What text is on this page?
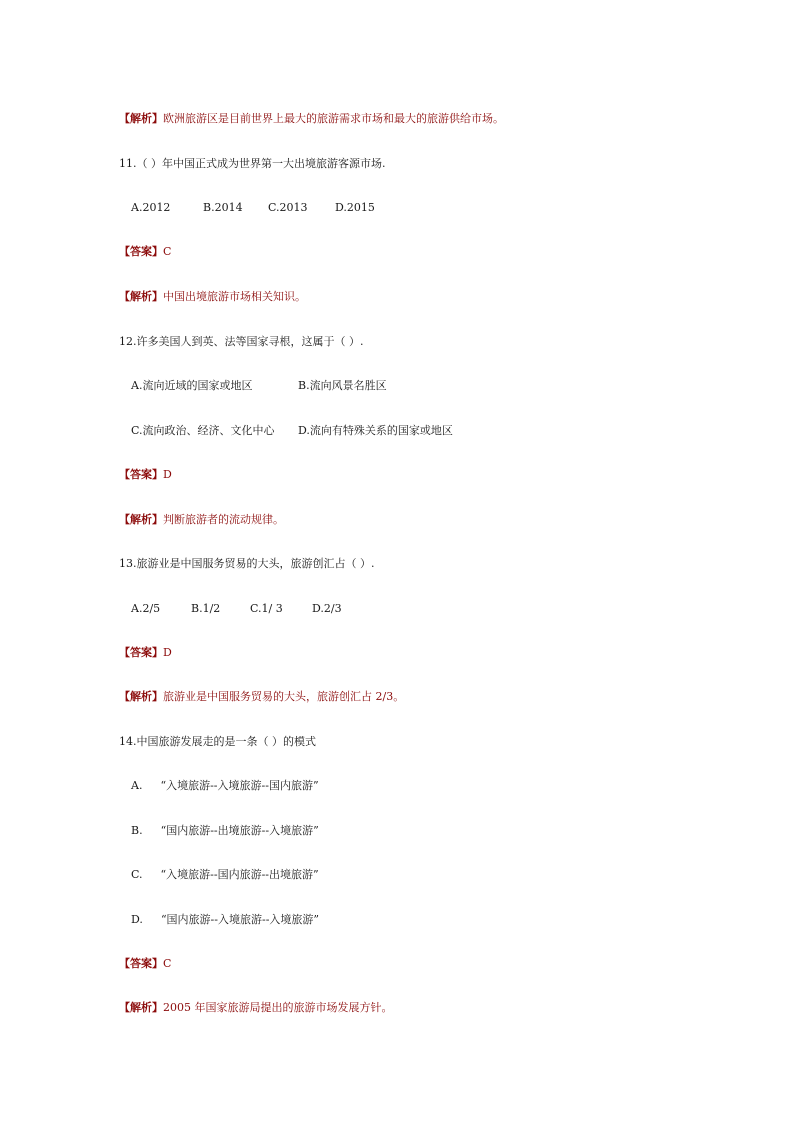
【解析】欧洲旅游区是目前世界上最大的旅游需求市场和最大的旅游供给市场。
11.（ ）年中国正式成为世界第一大出境旅游客源市场.
A.2012	B.2014 C.2013 D.2015
【答案】C
【解析】中国出境旅游市场相关知识。
12.许多美国人到英、法等国家寻根，这属于（ ）.
A.流向近域的国家或地区	B.流向风景名胜区
C.流向政治、经济、文化中心 D.流向有特殊关系的国家或地区
【答案】D
【解析】判断旅游者的流动规律。
13.旅游业是中国服务贸易的大头，旅游创汇占（ ）.
A.2/5	B.1/2	C.1/ 3	D.2/3
【答案】D
【解析】旅游业是中国服务贸易的大头，旅游创汇占 2/3。
14.中国旅游发展走的是一条（ ）的模式
A. “入境旅游--入境旅游--国内旅游”
B. “国内旅游--出境旅游--入境旅游”
C. “入境旅游--国内旅游--出境旅游”
D. “国内旅游--入境旅游--入境旅游”
【答案】C
【解析】2005 年国家旅游局提出的旅游市场发展方针。
